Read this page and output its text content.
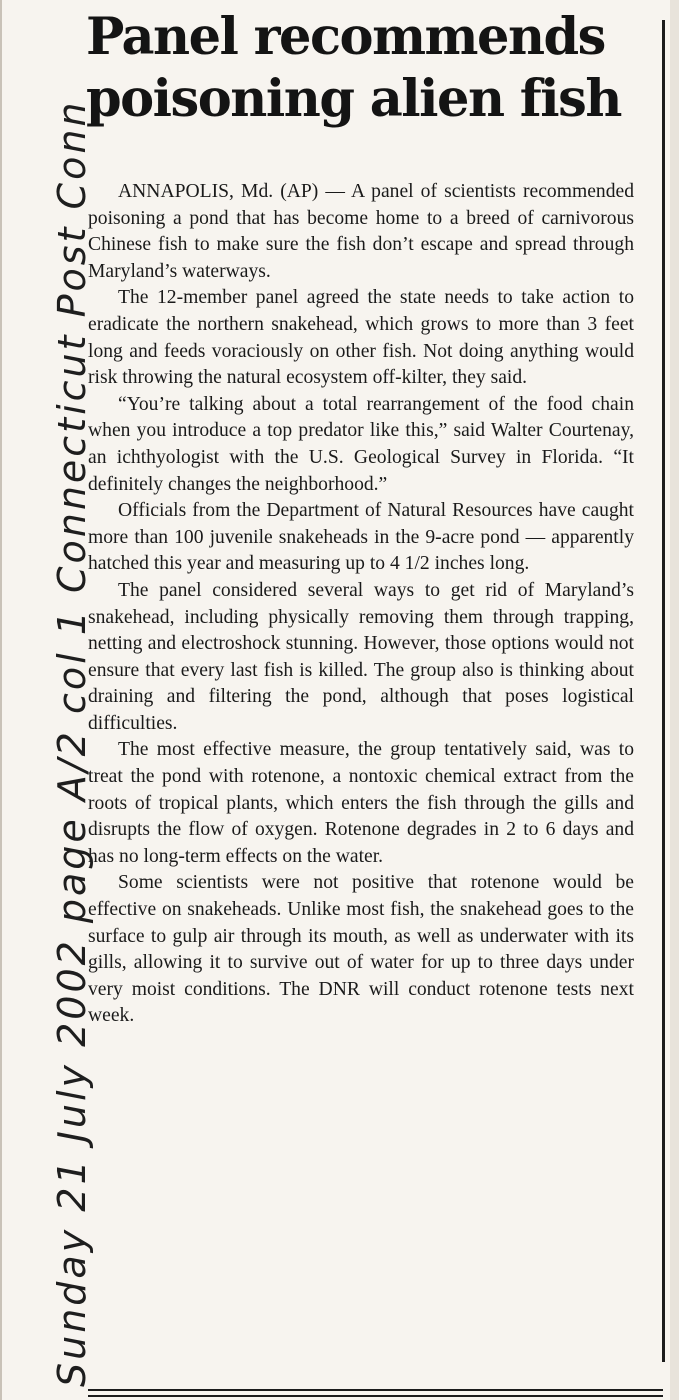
Panel recommends
poisoning alien fish

ANNAPOLIS, Md. (AP) — A panel of scientists recommended poisoning a pond that has become home to a breed of carnivorous Chinese fish to make sure the fish don’t escape and spread through Maryland’s waterways.

The 12-member panel agreed the state needs to take action to eradicate the northern snakehead, which grows to more than 3 feet long and feeds voraciously on other fish. Not doing anything would risk throwing the natural ecosystem off-kilter, they said.

“You’re talking about a total rearrangement of the food chain when you introduce a top predator like this,” said Walter Courtenay, an ichthyologist with the U.S. Geological Survey in Florida. “It definitely changes the neighborhood.”

Officials from the Department of Natural Resources have caught more than 100 juvenile snakeheads in the 9-acre pond — apparently hatched this year and measuring up to 4 1/2 inches long.

The panel considered several ways to get rid of Maryland’s snakehead, including physically removing them through trapping, netting and electroshock stunning. However, those options would not ensure that every last fish is killed. The group also is thinking about draining and filtering the pond, although that poses logistical difficulties.

The most effective measure, the group tentatively said, was to treat the pond with rotenone, a nontoxic chemical extract from the roots of tropical plants, which enters the fish through the gills and disrupts the flow of oxygen. Rotenone degrades in 2 to 6 days and has no long-term effects on the water.

Some scientists were not positive that rotenone would be effective on snakeheads. Unlike most fish, the snakehead goes to the surface to gulp air through its mouth, as well as underwater with its gills, allowing it to survive out of water for up to three days under very moist conditions. The DNR will conduct rotenone tests next week.

Sunday 21 July 2002 page A/2 col 1 Connecticut Post Conn
